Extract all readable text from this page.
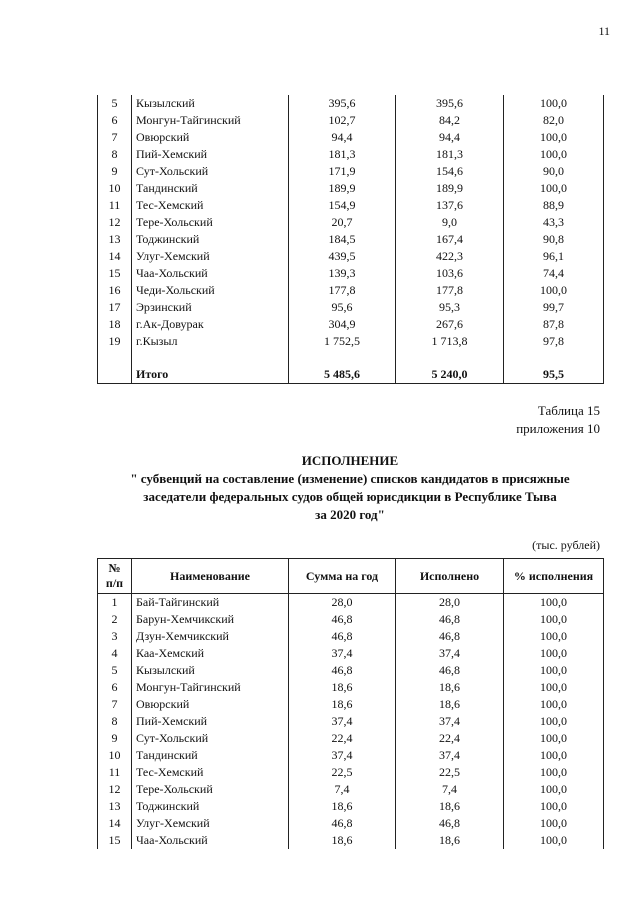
11
5	Кызылский	395,6	395,6	100,0
6	Монгун-Тайгинский	102,7	84,2	82,0
7	Овюрский	94,4	94,4	100,0
8	Пий-Хемский	181,3	181,3	100,0
9	Сут-Хольский	171,9	154,6	90,0
10	Тандинский	189,9	189,9	100,0
11	Тес-Хемский	154,9	137,6	88,9
12	Тере-Хольский	20,7	9,0	43,3
13	Тоджинский	184,5	167,4	90,8
14	Улуг-Хемский	439,5	422,3	96,1
15	Чаа-Хольский	139,3	103,6	74,4
16	Чеди-Хольский	177,8	177,8	100,0
17	Эрзинский	95,6	95,3	99,7
18	г.Ак-Довурак	304,9	267,6	87,8
19	г.Кызыл	1 752,5	1 713,8	97,8

	Итого	5 485,6	5 240,0	95,5
Таблица 15
приложения 10
ИСПОЛНЕНИЕ
" субвенций на составление (изменение) списков кандидатов в присяжные
заседатели федеральных судов общей юрисдикции в Республике Тыва
за 2020 год"
(тыс. рублей)
№
п/п	Наименование	Сумма на год	Исполнено	% исполнения
1	Бай-Тайгинский	28,0	28,0	100,0
2	Барун-Хемчикский	46,8	46,8	100,0
3	Дзун-Хемчикский	46,8	46,8	100,0
4	Каа-Хемский	37,4	37,4	100,0
5	Кызылский	46,8	46,8	100,0
6	Монгун-Тайгинский	18,6	18,6	100,0
7	Овюрский	18,6	18,6	100,0
8	Пий-Хемский	37,4	37,4	100,0
9	Сут-Хольский	22,4	22,4	100,0
10	Тандинский	37,4	37,4	100,0
11	Тес-Хемский	22,5	22,5	100,0
12	Тере-Хольский	7,4	7,4	100,0
13	Тоджинский	18,6	18,6	100,0
14	Улуг-Хемский	46,8	46,8	100,0
15	Чаа-Хольский	18,6	18,6	100,0
